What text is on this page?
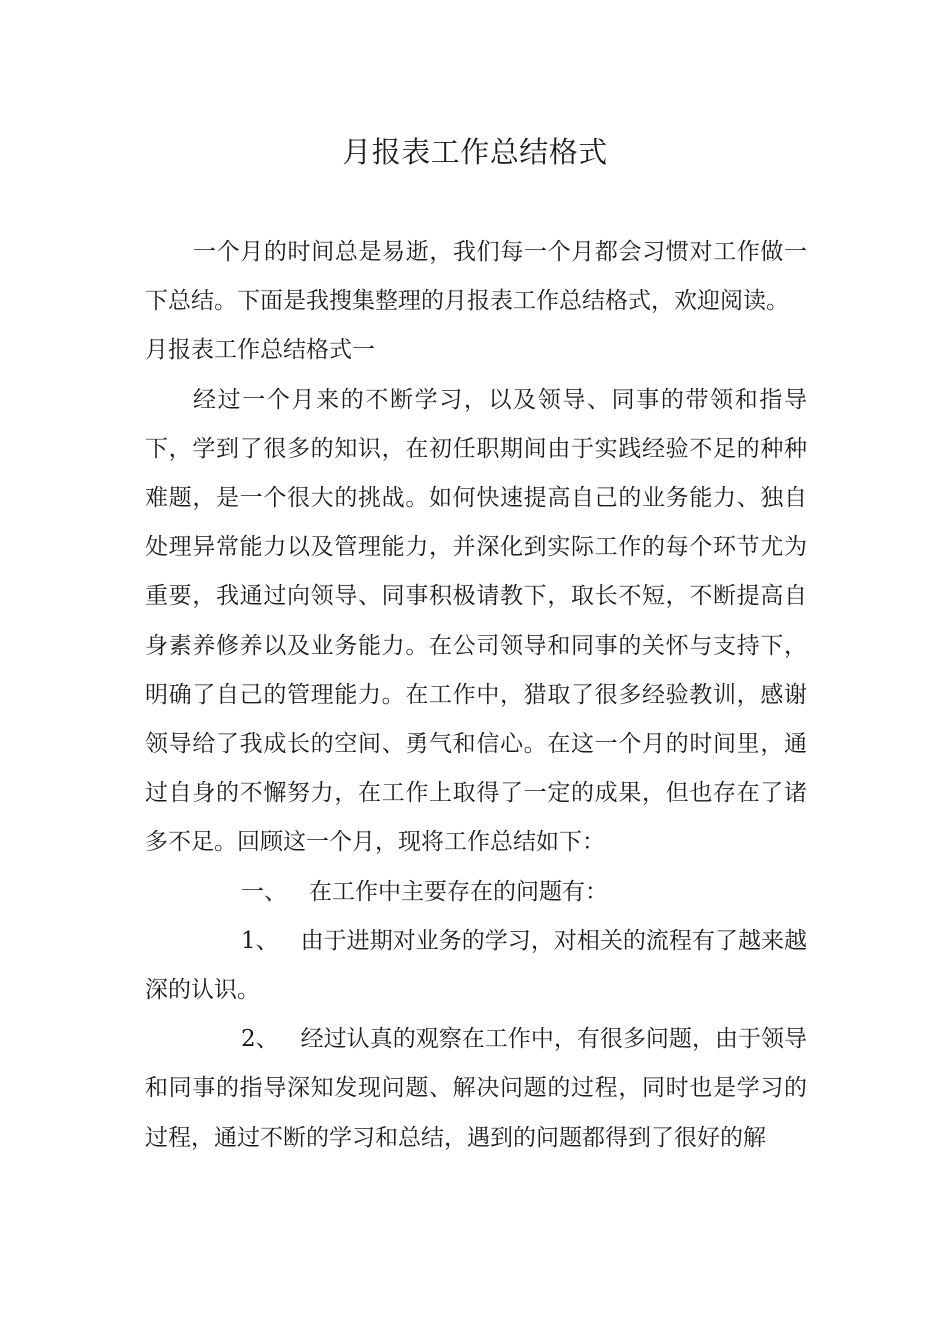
月报表工作总结格式

一个月的时间总是易逝，我们每一个月都会习惯对工作做一下总结。下面是我搜集整理的月报表工作总结格式，欢迎阅读。

月报表工作总结格式一

经过一个月来的不断学习，以及领导、同事的带领和指导下，学到了很多的知识，在初任职期间由于实践经验不足的种种难题，是一个很大的挑战。如何快速提高自己的业务能力、独自处理异常能力以及管理能力，并深化到实际工作的每个环节尤为重要，我通过向领导、同事积极请教下，取长不短，不断提高自身素养修养以及业务能力。在公司领导和同事的关怀与支持下，明确了自己的管理能力。在工作中，猎取了很多经验教训，感谢领导给了我成长的空间、勇气和信心。在这一个月的时间里，通过自身的不懈努力，在工作上取得了一定的成果，但也存在了诸多不足。回顾这一个月，现将工作总结如下：

一、 在工作中主要存在的问题有：

1、 由于进期对业务的学习，对相关的流程有了越来越深的认识。

2、 经过认真的观察在工作中，有很多问题，由于领导和同事的指导深知发现问题、解决问题的过程，同时也是学习的过程，通过不断的学习和总结，遇到的问题都得到了很好的解
